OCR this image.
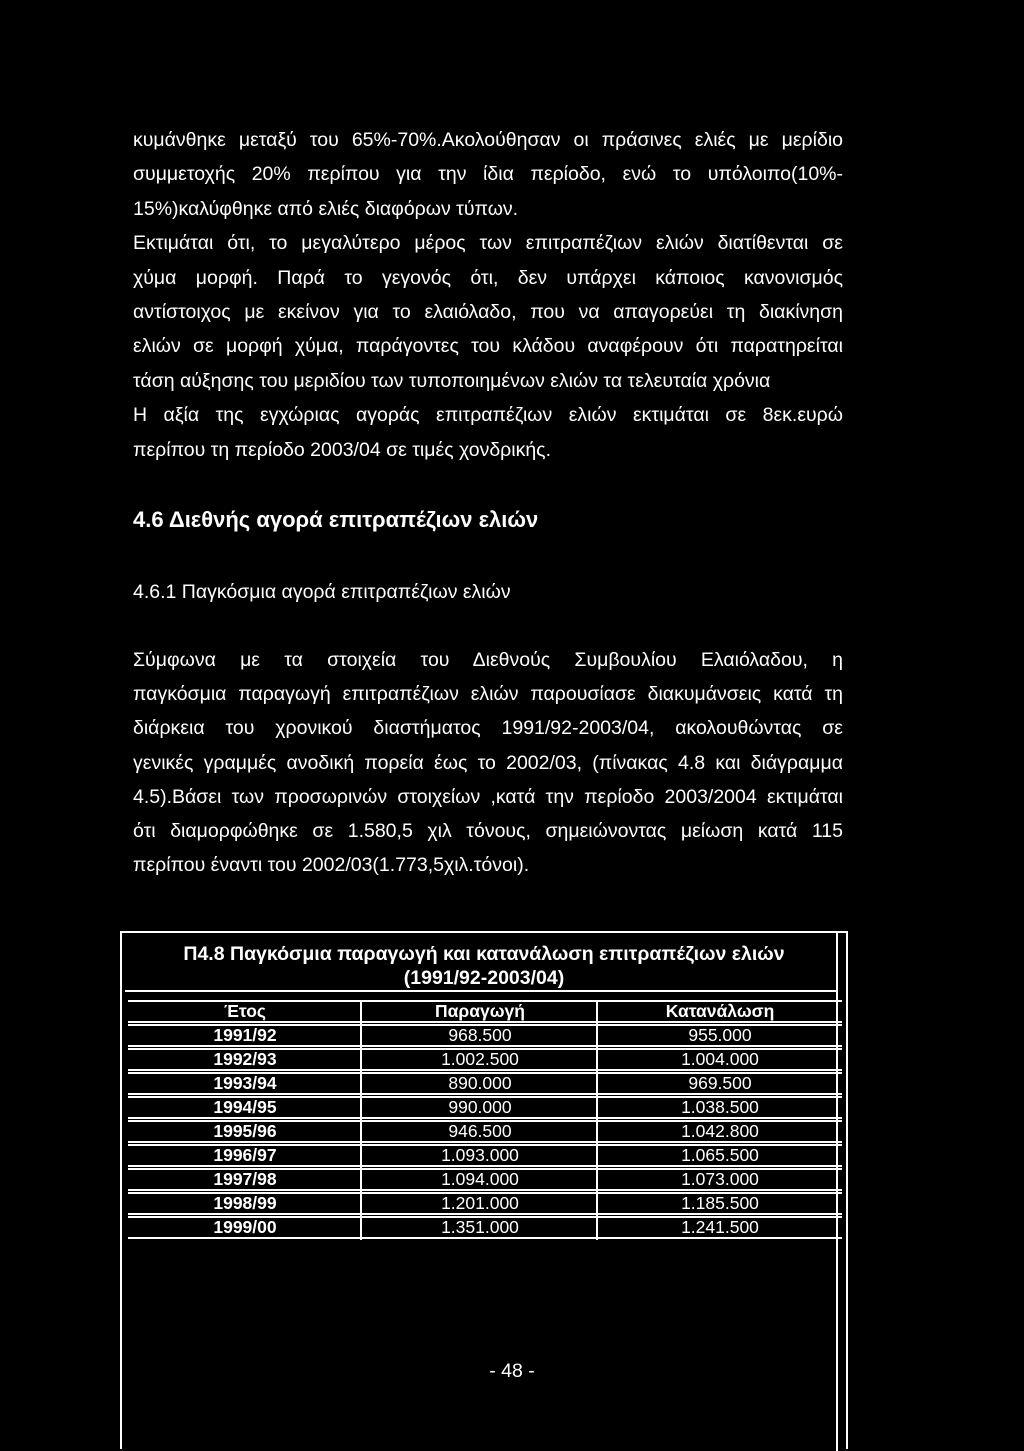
κυμάνθηκε μεταξύ του 65%-70%.Ακολούθησαν οι πράσινες ελιές με μερίδιο

συμμετοχής 20% περίπου για την ίδια περίοδο, ενώ το υπόλοιπο(10%-

15%)καλύφθηκε από ελιές διαφόρων τύπων.

Εκτιμάται ότι, το μεγαλύτερο μέρος των επιτραπέζιων ελιών διατίθενται σε

χύμα μορφή. Παρά το γεγονός ότι, δεν υπάρχει κάποιος κανονισμός

αντίστοιχος με εκείνον για το ελαιόλαδο, που να απαγορεύει τη διακίνηση

ελιών σε μορφή χύμα, παράγοντες του κλάδου αναφέρουν ότι παρατηρείται

τάση αύξησης του μεριδίου των τυποποιημένων ελιών τα τελευταία χρόνια

Η αξία της εγχώριας αγοράς επιτραπέζιων ελιών εκτιμάται σε 8εκ.ευρώ

περίπου τη περίοδο 2003/04 σε τιμές χονδρικής.

4.6 Διεθνής αγορά επιτραπέζιων ελιών
4.6.1 Παγκόσμια αγορά επιτραπέζιων ελιών

Σύμφωνα με τα στοιχεία του Διεθνούς Συμβουλίου Ελαιόλαδου, η

παγκόσμια παραγωγή επιτραπέζιων ελιών παρουσίασε διακυμάνσεις κατά τη

διάρκεια του χρονικού διαστήματος 1991/92-2003/04, ακολουθώντας σε

γενικές γραμμές ανοδική πορεία έως το 2002/03, (πίνακας 4.8 και διάγραμμα

4.5).Βάσει των προσωρινών στοιχείων ,κατά την περίοδο 2003/2004 εκτιμάται

ότι διαμορφώθηκε σε 1.580,5 χιλ τόνους, σημειώνοντας μείωση κατά 115

περίπου έναντι του 2002/03(1.773,5χιλ.τόνοι).

Π4.8 Παγκόσμια παραγωγή και κατανάλωση επιτραπέζιων ελιών
(1991/92-2003/04)
Έτος	Παραγωγή	Κατανάλωση
1991/92	968.500	955.000
1992/93	1.002.500	1.004.000
1993/94	890.000	969.500
1994/95	990.000	1.038.500
1995/96	946.500	1.042.800
1996/97	1.093.000	1.065.500
1997/98	1.094.000	1.073.000
1998/99	1.201.000	1.185.500
1999/00	1.351.000	1.241.500
- 48 -
